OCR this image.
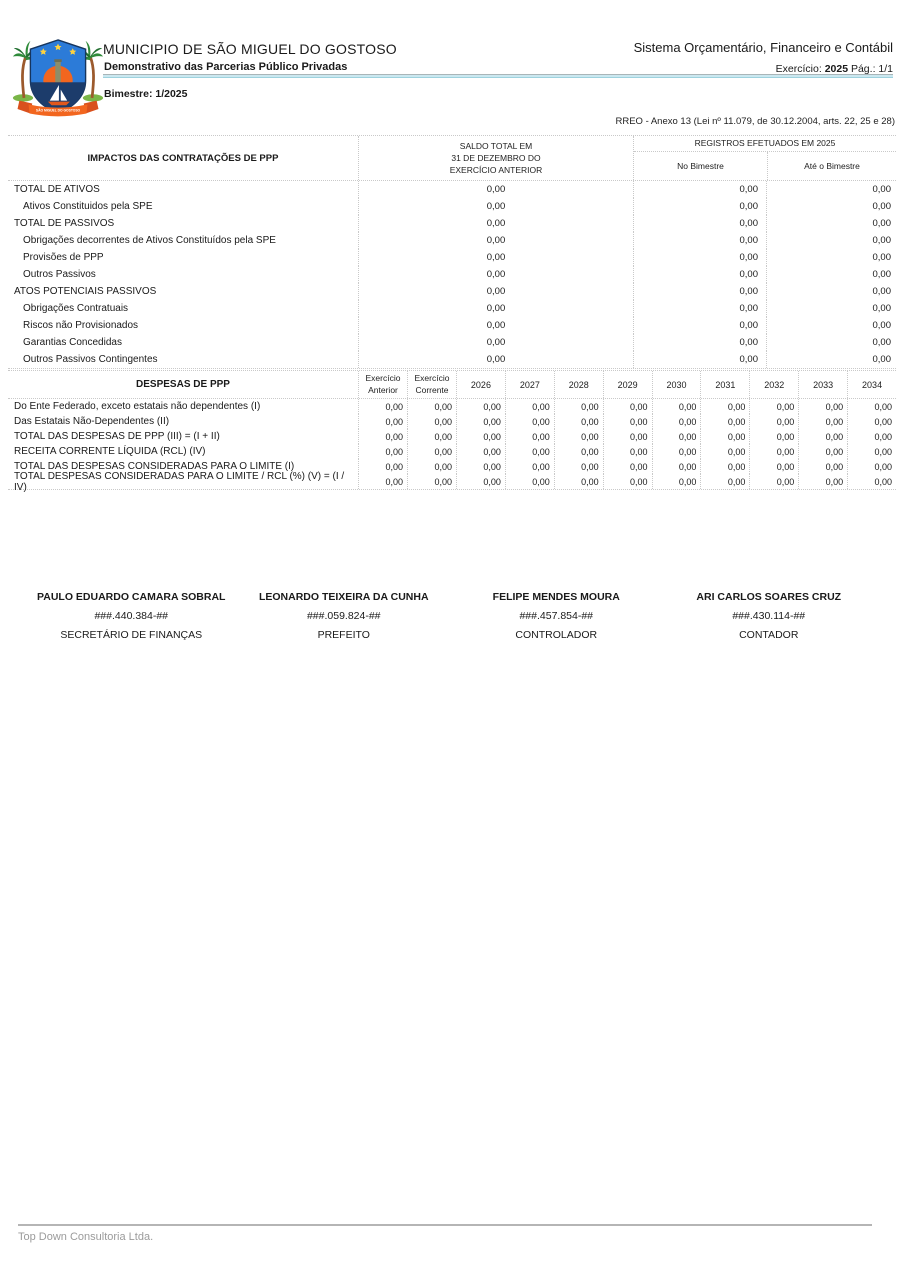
SÃO MIGUEL DO GOSTOSO
MUNICIPIO DE SÃO MIGUEL DO GOSTOSO
Demonstrativo das Parcerias Público Privadas
Bimestre: 1/2025
Sistema Orçamentário, Financeiro e Contábil
Exercício: 2025 Pág.: 1/1
RREO - Anexo 13 (Lei nº 11.079, de 30.12.2004, arts. 22, 25 e 28)
IMPACTOS DAS CONTRATAÇÕES DE PPP
SALDO TOTAL EM
31 DE DEZEMBRO DO
EXERCÍCIO ANTERIOR
REGISTROS EFETUADOS EM 2025
No Bimestre	Até o Bimestre
TOTAL DE ATIVOS	0,00	0,00	0,00
Ativos Constituidos pela SPE	0,00	0,00	0,00
TOTAL DE PASSIVOS	0,00	0,00	0,00
Obrigações decorrentes de Ativos Constituídos pela SPE	0,00	0,00	0,00
Provisões de PPP	0,00	0,00	0,00
Outros Passivos	0,00	0,00	0,00
ATOS POTENCIAIS PASSIVOS	0,00	0,00	0,00
Obrigações Contratuais	0,00	0,00	0,00
Riscos não Provisionados	0,00	0,00	0,00
Garantias Concedidas	0,00	0,00	0,00
Outros Passivos Contingentes	0,00	0,00	0,00
DESPESAS DE PPP
Exercício Anterior
Exercício Corrente	2026	2027	2028	2029	2030	2031	2032	2033	2034
Do Ente Federado, exceto estatais não dependentes (I)	0,00	0,00	0,00	0,00	0,00	0,00	0,00	0,00	0,00	0,00	0,00
Das Estatais Não-Dependentes (II)	0,00	0,00	0,00	0,00	0,00	0,00	0,00	0,00	0,00	0,00	0,00
TOTAL DAS DESPESAS DE PPP (III) = (I + II)	0,00	0,00	0,00	0,00	0,00	0,00	0,00	0,00	0,00	0,00	0,00
RECEITA CORRENTE LÍQUIDA (RCL) (IV)	0,00	0,00	0,00	0,00	0,00	0,00	0,00	0,00	0,00	0,00	0,00
TOTAL DAS DESPESAS CONSIDERADAS PARA O LIMITE (I)	0,00	0,00	0,00	0,00	0,00	0,00	0,00	0,00	0,00	0,00	0,00
TOTAL DESPESAS CONSIDERADAS PARA O LIMITE / RCL (%) (V) = (I / IV)	0,00	0,00	0,00	0,00	0,00	0,00	0,00	0,00	0,00	0,00	0,00
PAULO EDUARDO CAMARA SOBRAL
###.440.384-##
SECRETÁRIO DE FINANÇAS
LEONARDO TEIXEIRA DA CUNHA
###.059.824-##
PREFEITO
FELIPE MENDES MOURA
###.457.854-##
CONTROLADOR
ARI CARLOS SOARES CRUZ
###.430.114-##
CONTADOR
Top Down Consultoria Ltda.
